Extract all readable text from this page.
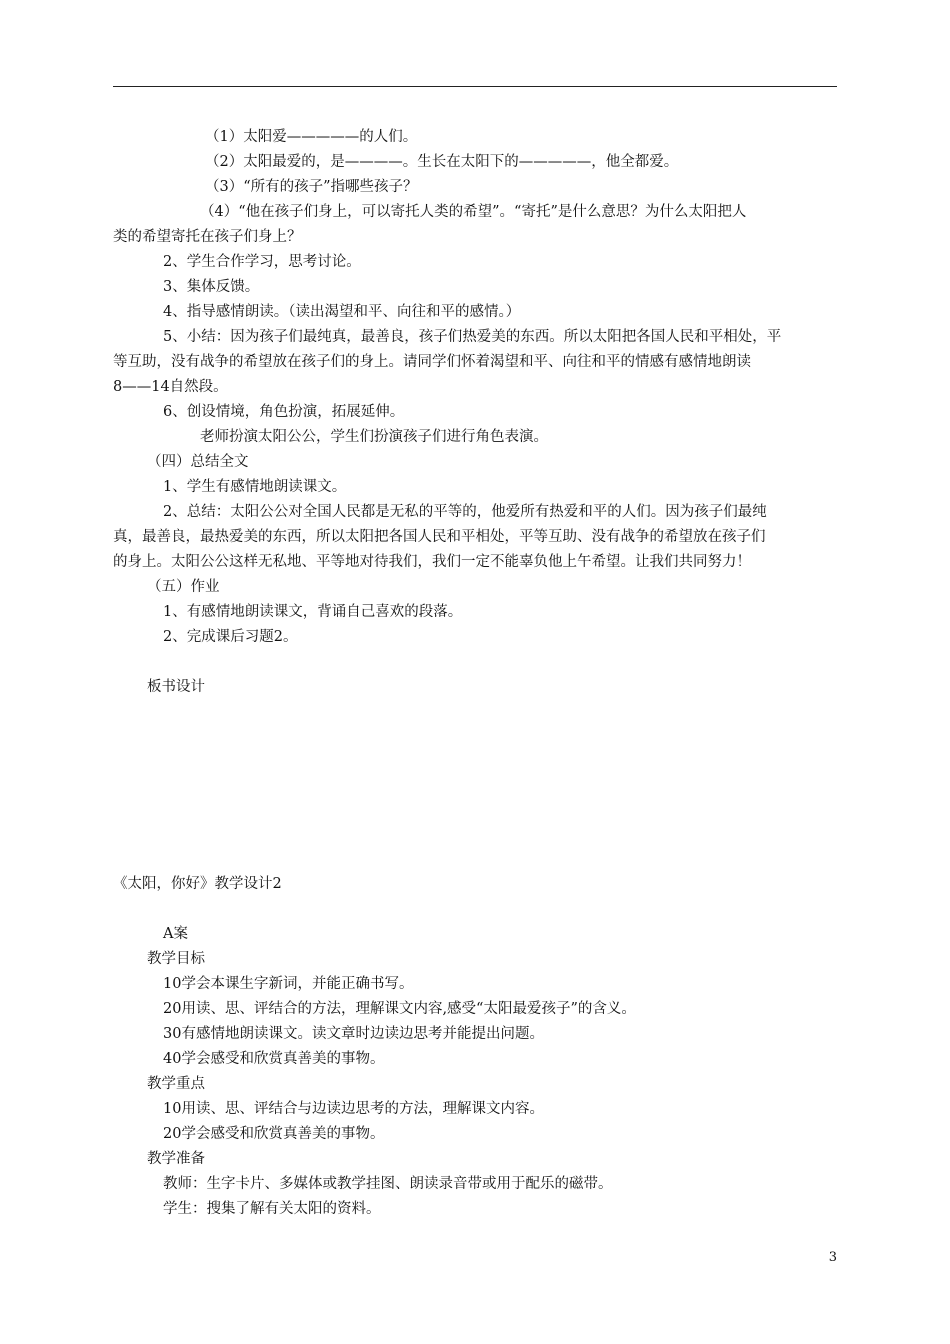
（1）太阳爱—————的人们。
（2）太阳最爱的，是————。生长在太阳下的—————，他全都爱。
（3）“所有的孩子”指哪些孩子？
（4）“他在孩子们身上，可以寄托人类的希望”。“寄托”是什么意思？为什么太阳把人
类的希望寄托在孩子们身上？
2、学生合作学习，思考讨论。
3、集体反馈。
4、指导感情朗读。（读出渴望和平、向往和平的感情。）
5、小结：因为孩子们最纯真，最善良，孩子们热爱美的东西。所以太阳把各国人民和平相处，平
等互助，没有战争的希望放在孩子们的身上。请同学们怀着渴望和平、向往和平的情感有感情地朗读
8——14自然段。
6、创设情境，角色扮演，拓展延伸。
老师扮演太阳公公，学生们扮演孩子们进行角色表演。
（四）总结全文
1、学生有感情地朗读课文。
2、总结：太阳公公对全国人民都是无私的平等的，他爱所有热爱和平的人们。因为孩子们最纯
真，最善良，最热爱美的东西，所以太阳把各国人民和平相处，平等互助、没有战争的希望放在孩子们
的身上。太阳公公这样无私地、平等地对待我们，我们一定不能辜负他上午希望。让我们共同努力！
（五）作业
1、有感情地朗读课文，背诵自己喜欢的段落。
2、完成课后习题2。
板书设计
《太阳，你好》教学设计2
A案
教学目标
10学会本课生字新词，并能正确书写。
20用读、思、评结合的方法，理解课文内容,感受“太阳最爱孩子”的含义。
30有感情地朗读课文。读文章时边读边思考并能提出问题。
40学会感受和欣赏真善美的事物。
教学重点
10用读、思、评结合与边读边思考的方法，理解课文内容。
20学会感受和欣赏真善美的事物。
教学准备
教师：生字卡片、多媒体或教学挂图、朗读录音带或用于配乐的磁带。
学生：搜集了解有关太阳的资料。
3
